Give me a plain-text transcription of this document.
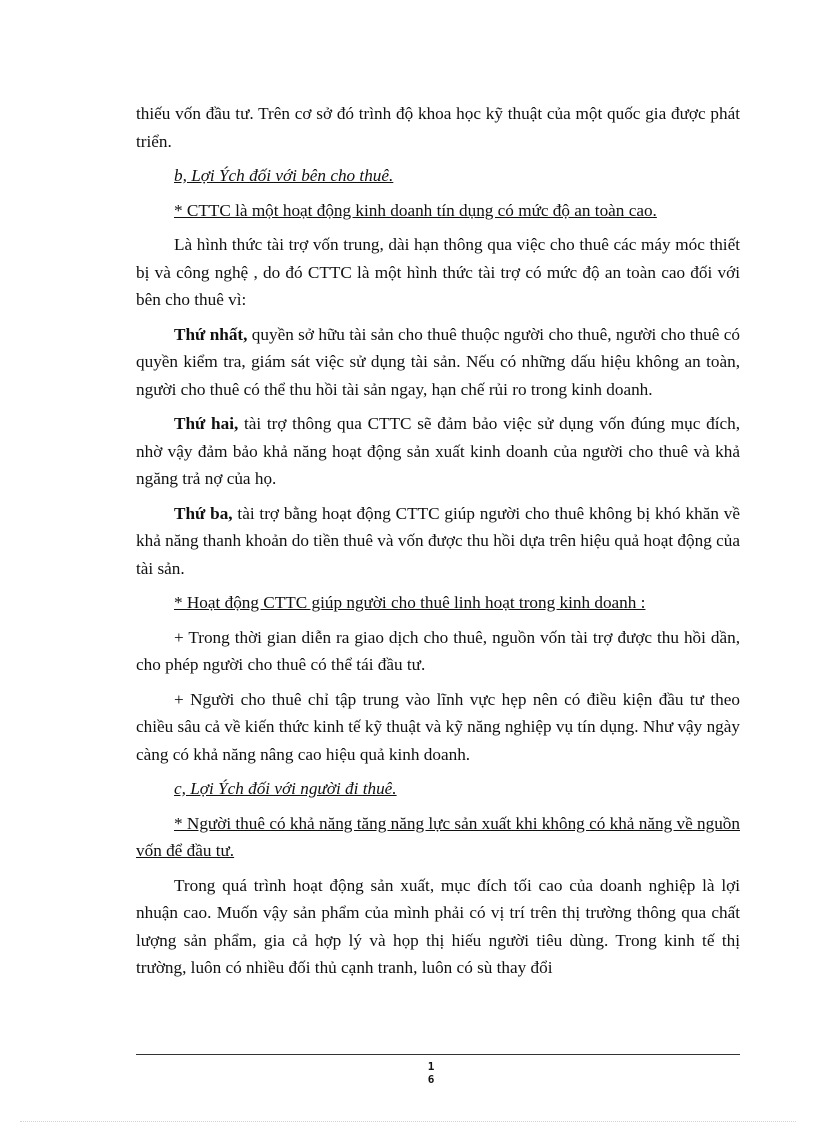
thiếu vốn đầu tư. Trên cơ sở đó trình độ khoa học kỹ thuật của một quốc gia được phát triển.

b, Lợi Ých đối với bên cho thuê.

* CTTC là một hoạt động kinh doanh tín dụng có mức độ an toàn cao.

Là hình thức tài trợ vốn trung, dài hạn thông qua việc cho thuê các máy móc thiết bị và công nghệ , do đó CTTC là một hình thức tài trợ có mức độ an toàn cao đối với bên cho thuê vì:

Thứ nhất, quyền sở hữu tài sản cho thuê thuộc người cho thuê, người cho thuê có quyền kiểm tra, giám sát việc sử dụng tài sản. Nếu có những dấu hiệu không an toàn, người cho thuê có thể thu hồi tài sản ngay, hạn chế rủi ro trong kinh doanh.

Thứ hai, tài trợ thông qua CTTC sẽ đảm bảo việc sử dụng vốn đúng mục đích, nhờ vậy đảm bảo khả năng hoạt động sản xuất kinh doanh của người cho thuê và khả ngăng trả nợ của họ.

Thứ ba, tài trợ bằng hoạt động CTTC giúp người cho thuê không bị khó khăn về khả năng thanh khoản do tiền thuê và vốn được thu hồi dựa trên hiệu quả hoạt động của tài sản.

* Hoạt động CTTC giúp người cho thuê linh hoạt trong kinh doanh :

+ Trong thời gian diễn ra giao dịch cho thuê, nguồn vốn tài trợ được thu hồi dần, cho phép người cho thuê có thể tái đầu tư.

+ Người cho thuê chỉ tập trung vào lĩnh vực hẹp nên có điều kiện đầu tư theo chiều sâu cả về kiến thức kinh tế kỹ thuật và kỹ năng nghiệp vụ tín dụng. Như vậy ngày càng có khả năng nâng cao hiệu quả kinh doanh.

c, Lợi Ých đối với người đi thuê.

* Người thuê có khả năng tăng năng lực sản xuất khi không có khả năng về nguồn vốn để đầu tư.

Trong quá trình hoạt động sản xuất, mục đích tối cao của doanh nghiệp là lợi nhuận cao. Muốn vậy sản phẩm của mình phải có vị trí trên thị trường thông qua chất lượng sản phẩm, gia cả hợp lý và họp thị hiếu người tiêu dùng. Trong kinh tế thị trường, luôn có nhiều đối thủ cạnh tranh, luôn có sù thay đổi

1
6
